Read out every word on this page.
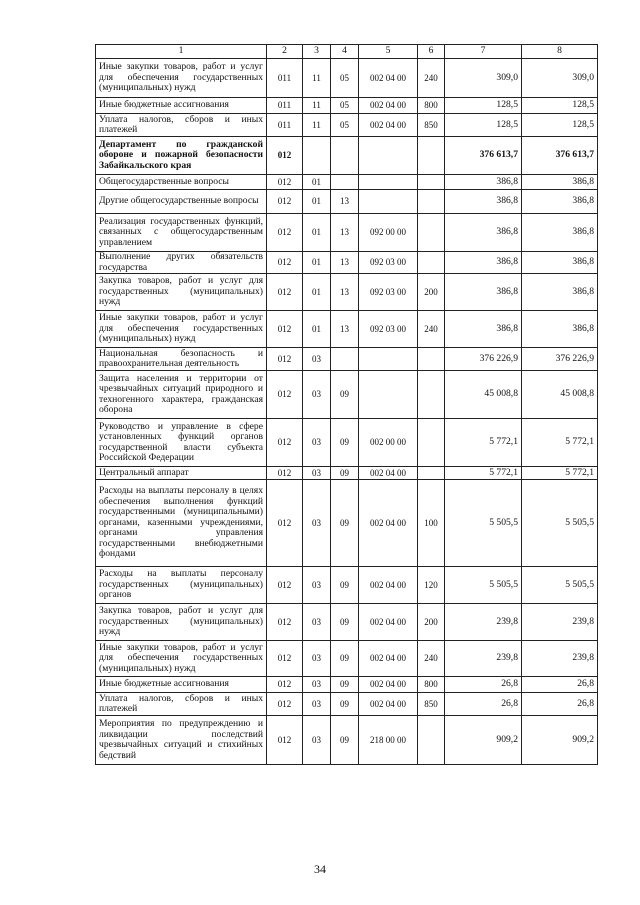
1	2	3	4	5	6	7	8
Иные закупки товаров, работ и услуг для обеспечения государственных (муниципальных) нужд	011	11	05	002 04 00	240	309,0	309,0
Иные бюджетные ассигнования	011	11	05	002 04 00	800	128,5	128,5
Уплата налогов, сборов и иных платежей	011	11	05	002 04 00	850	128,5	128,5
Департамент по гражданской обороне и пожарной безопасности Забайкальского края	012					376 613,7	376 613,7
Общегосударственные вопросы	012	01				386,8	386,8
Другие общегосударственные вопросы	012	01	13			386,8	386,8
Реализация государственных функций, связанных с общегосударственным управлением	012	01	13	092 00 00		386,8	386,8
Выполнение других обязательств государства	012	01	13	092 03 00		386,8	386,8
Закупка товаров, работ и услуг для государственных (муниципальных) нужд	012	01	13	092 03 00	200	386,8	386,8
Иные закупки товаров, работ и услуг для обеспечения государственных (муниципальных) нужд	012	01	13	092 03 00	240	386,8	386,8
Национальная безопасность и правоохранительная деятельность	012	03				376 226,9	376 226,9
Защита населения и территории от чрезвычайных ситуаций природного и техногенного характера, гражданская оборона	012	03	09			45 008,8	45 008,8
Руководство и управление в сфере установленных функций органов государственной власти субъекта Российской Федерации	012	03	09	002 00 00		5 772,1	5 772,1
Центральный аппарат	012	03	09	002 04 00		5 772,1	5 772,1
Расходы на выплаты персоналу в целях обеспечения выполнения функций государственными (муниципальными) органами, казенными учреждениями, органами управления государственными внебюджетными фондами	012	03	09	002 04 00	100	5 505,5	5 505,5
Расходы на выплаты персоналу государственных (муниципальных) органов	012	03	09	002 04 00	120	5 505,5	5 505,5
Закупка товаров, работ и услуг для государственных (муниципальных) нужд	012	03	09	002 04 00	200	239,8	239,8
Иные закупки товаров, работ и услуг для обеспечения государственных (муниципальных) нужд	012	03	09	002 04 00	240	239,8	239,8
Иные бюджетные ассигнования	012	03	09	002 04 00	800	26,8	26,8
Уплата налогов, сборов и иных платежей	012	03	09	002 04 00	850	26,8	26,8
Мероприятия по предупреждению и ликвидации последствий чрезвычайных ситуаций и стихийных бедствий	012	03	09	218 00 00		909,2	909,2
34
